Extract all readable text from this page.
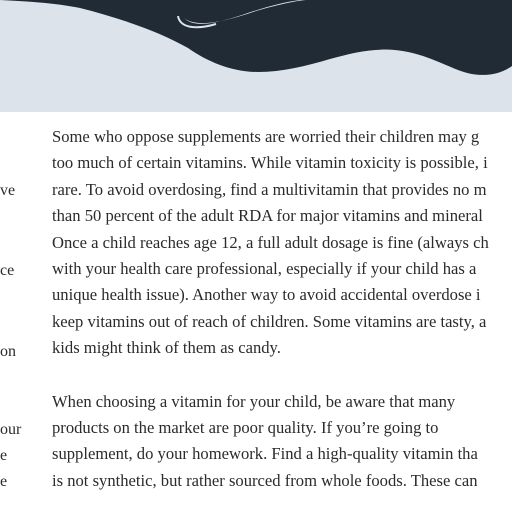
ve
ce
on
our
e
e

Some who oppose supplements are worried their children may g
too much of certain vitamins. While vitamin toxicity is possible, i
rare. To avoid overdosing, find a multivitamin that provides no m
than 50 percent of the adult RDA for major vitamins and mineral
Once a child reaches age 12, a full adult dosage is fine (always ch
with your health care professional, especially if your child has a
unique health issue). Another way to avoid accidental overdose i
keep vitamins out of reach of children. Some vitamins are tasty, a
kids might think of them as candy.

When choosing a vitamin for your child, be aware that many
products on the market are poor quality. If you’re going to
supplement, do your homework. Find a high-quality vitamin tha
is not synthetic, but rather sourced from whole foods. These can
